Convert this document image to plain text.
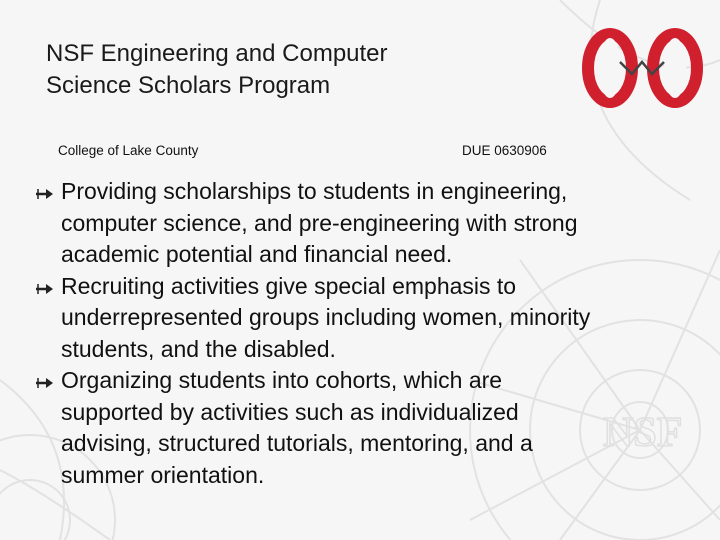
NSF
NSF Engineering and Computer
Science Scholars Program
College of Lake County	DUE 0630906
Providing scholarships to students in engineering,
computer science, and pre-engineering with strong
academic potential and financial need.
Recruiting activities give special emphasis to
underrepresented groups including women, minority
students, and the disabled.
Organizing students into cohorts, which are
supported by activities such as individualized
advising, structured tutorials, mentoring, and a
summer orientation.
